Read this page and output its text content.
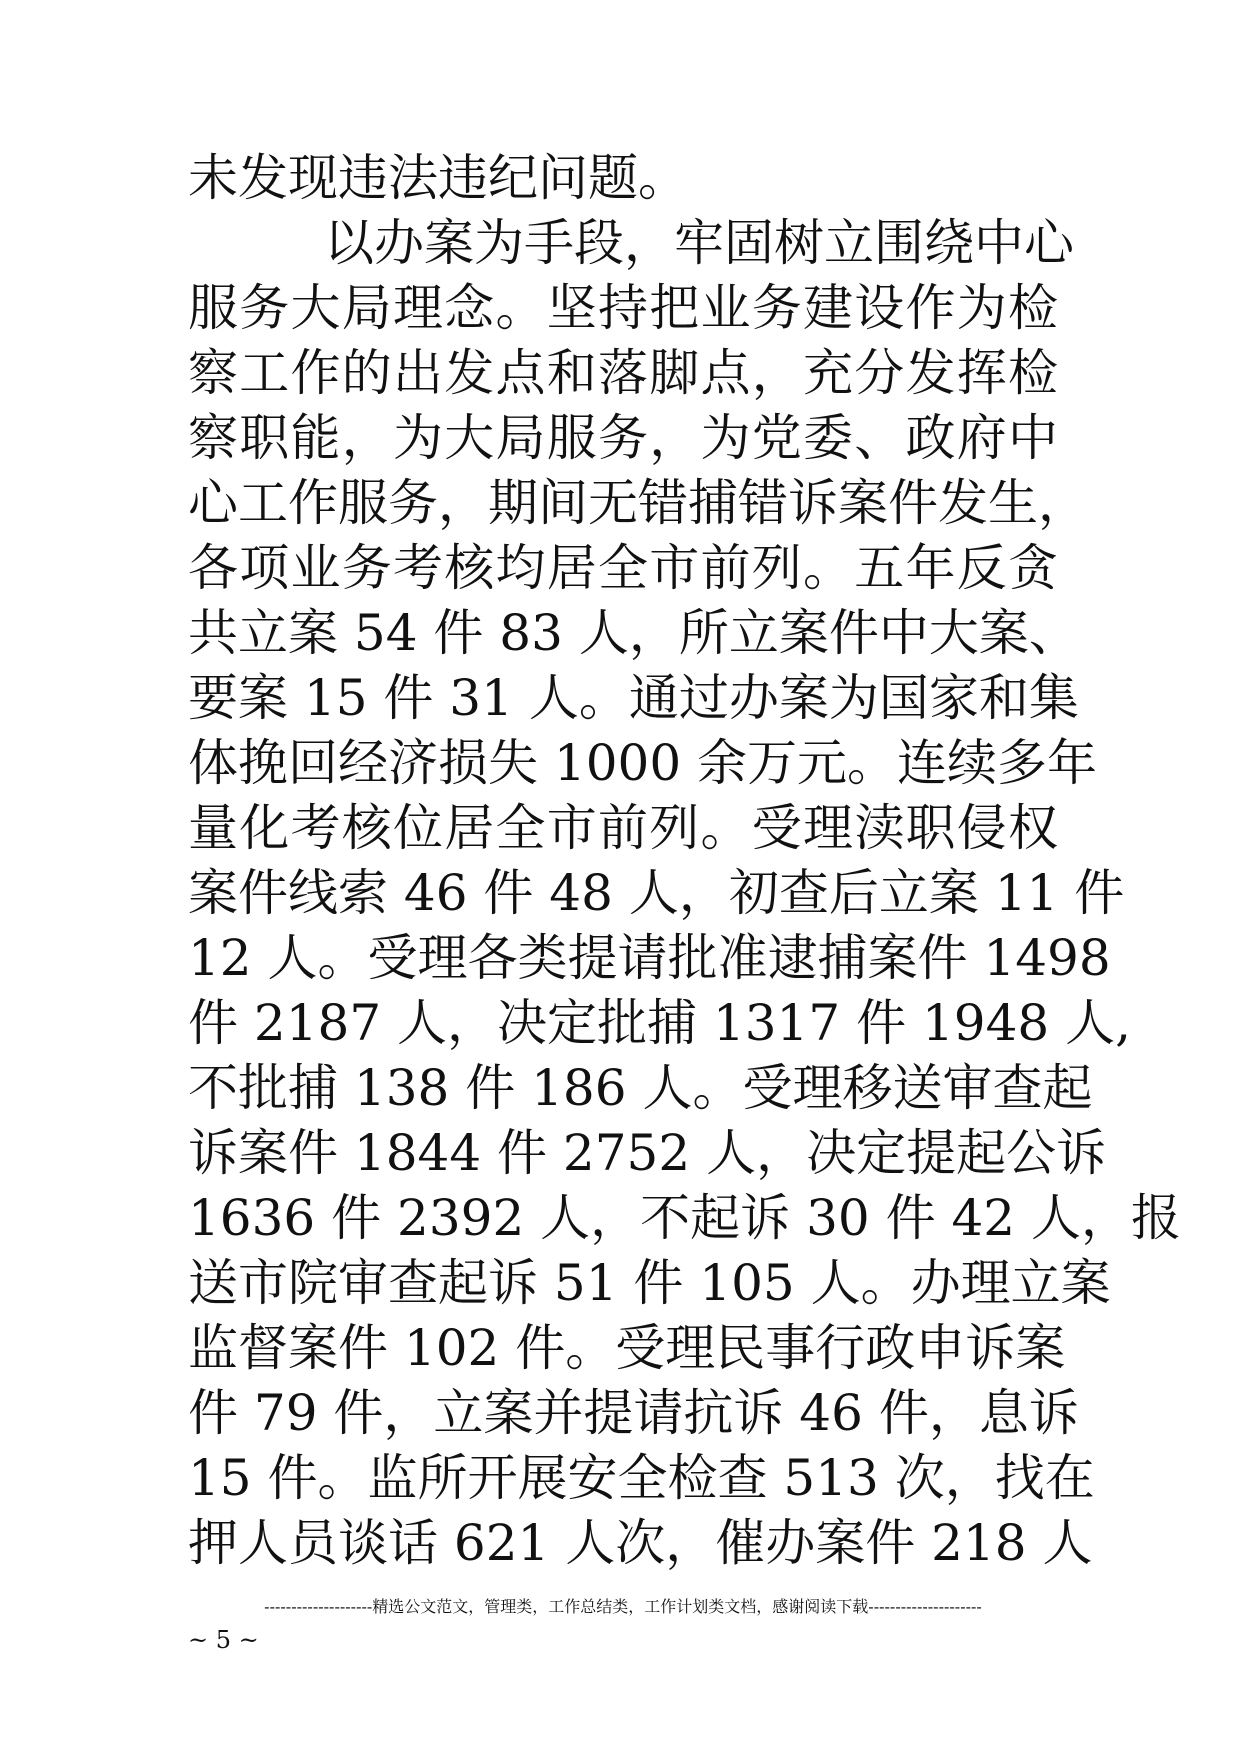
未发现违法违纪问题。
以办案为手段，牢固树立围绕中心
服务大局理念。坚持把业务建设作为检
察工作的出发点和落脚点，充分发挥检
察职能，为大局服务，为党委、政府中
心工作服务，期间无错捕错诉案件发生，
各项业务考核均居全市前列。五年反贪
共立案 54 件 83 人，所立案件中大案、
要案 15 件 31 人。通过办案为国家和集
体挽回经济损失 1000 余万元。连续多年
量化考核位居全市前列。受理渎职侵权
案件线索 46 件 48 人，初查后立案 11 件
12 人。受理各类提请批准逮捕案件 1498
件 2187 人，决定批捕 1317 件 1948 人,
不批捕 138 件 186 人。受理移送审查起
诉案件 1844 件 2752 人，决定提起公诉
1636 件 2392 人，不起诉 30 件 42 人，报
送市院审查起诉 51 件 105 人。办理立案
监督案件 102 件。受理民事行政申诉案
件 79 件，立案并提请抗诉 46 件，息诉
15 件。监所开展安全检查 513 次，找在
押人员谈话 621 人次，催办案件 218 人
--------------------精选公文范文，管理类，工作总结类，工作计划类文档，感谢阅读下载---------------------
~ 5 ~
